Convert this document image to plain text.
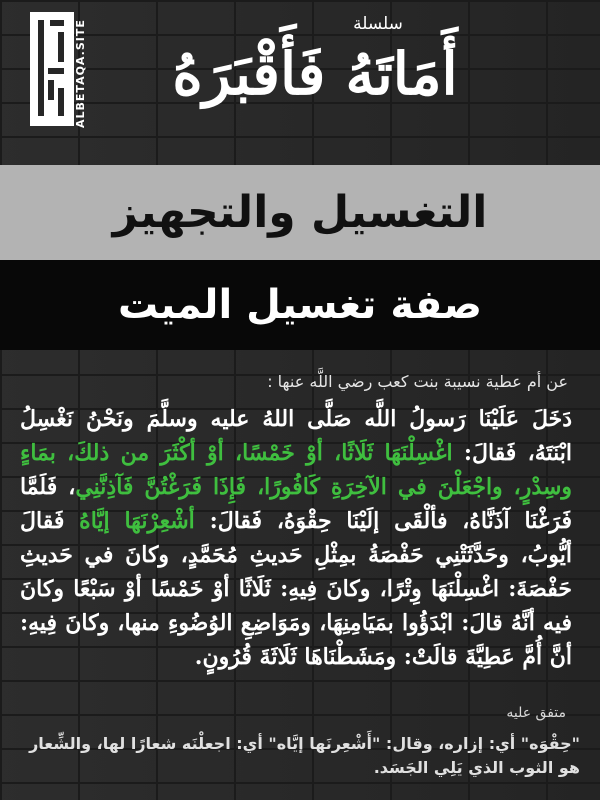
ALBETAQA.SITE	سلسلة
أَمَاتَهُ فَأَقْبَرَهُ
التغسيل والتجهيز
صفة تغسيل الميت
عن أم عطية نسيبة بنت كعب رضي اللَّه عنها :
دَخَلَ عَلَيْنَا رَسولُ اللَّه صَلَّى اللهُ عليه وسلَّمَ ونَحْنُ نَغْسِلُ ابْنَتَهُ، فَقالَ: اغْسِلْنَهَا ثَلَاثًا، أوْ خَمْسًا، أوْ أكْثَرَ من ذلكَ، بمَاءٍ وسِدْرٍ، واجْعَلْنَ في الآخِرَةِ كَافُورًا، فَإِذَا فَرَغْتُنَّ فَآذِنَّنِي، فَلَمَّا فَرَغْنَا آذَنَّاهُ، فألْقَى إلَيْنَا حِقْوَهُ، فَقالَ: أشْعِرْنَهَا إيَّاهُ فَقالَ أيُّوبُ، وحَدَّثَتْنِي حَفْصَةُ بمِثْلِ حَديثِ مُحَمَّدٍ، وكانَ في حَديثِ حَفْصَةَ: اغْسِلْنَهَا وِتْرًا، وكانَ فِيهِ: ثَلَاثًا أوْ خَمْسًا أوْ سَبْعًا وكانَ فيه أنَّهُ قالَ: ابْدَؤُوا بمَيَامِنِهَا، ومَوَاضِعِ الوُضُوءِ منها، وكانَ فِيهِ: أنَّ أُمَّ عَطِيَّةَ قالَتْ: ومَشَطْنَاهَا ثَلَاثَةَ قُرُونٍ.
متفق عليه
"حِقْوَه" أي: إزاره، وقال: "أَشْعِرنَها إيَّاه" أي: اجعلْنَه شعارًا لها، والشِّعار هو الثوب الذي يَلِي الجَسَد.
